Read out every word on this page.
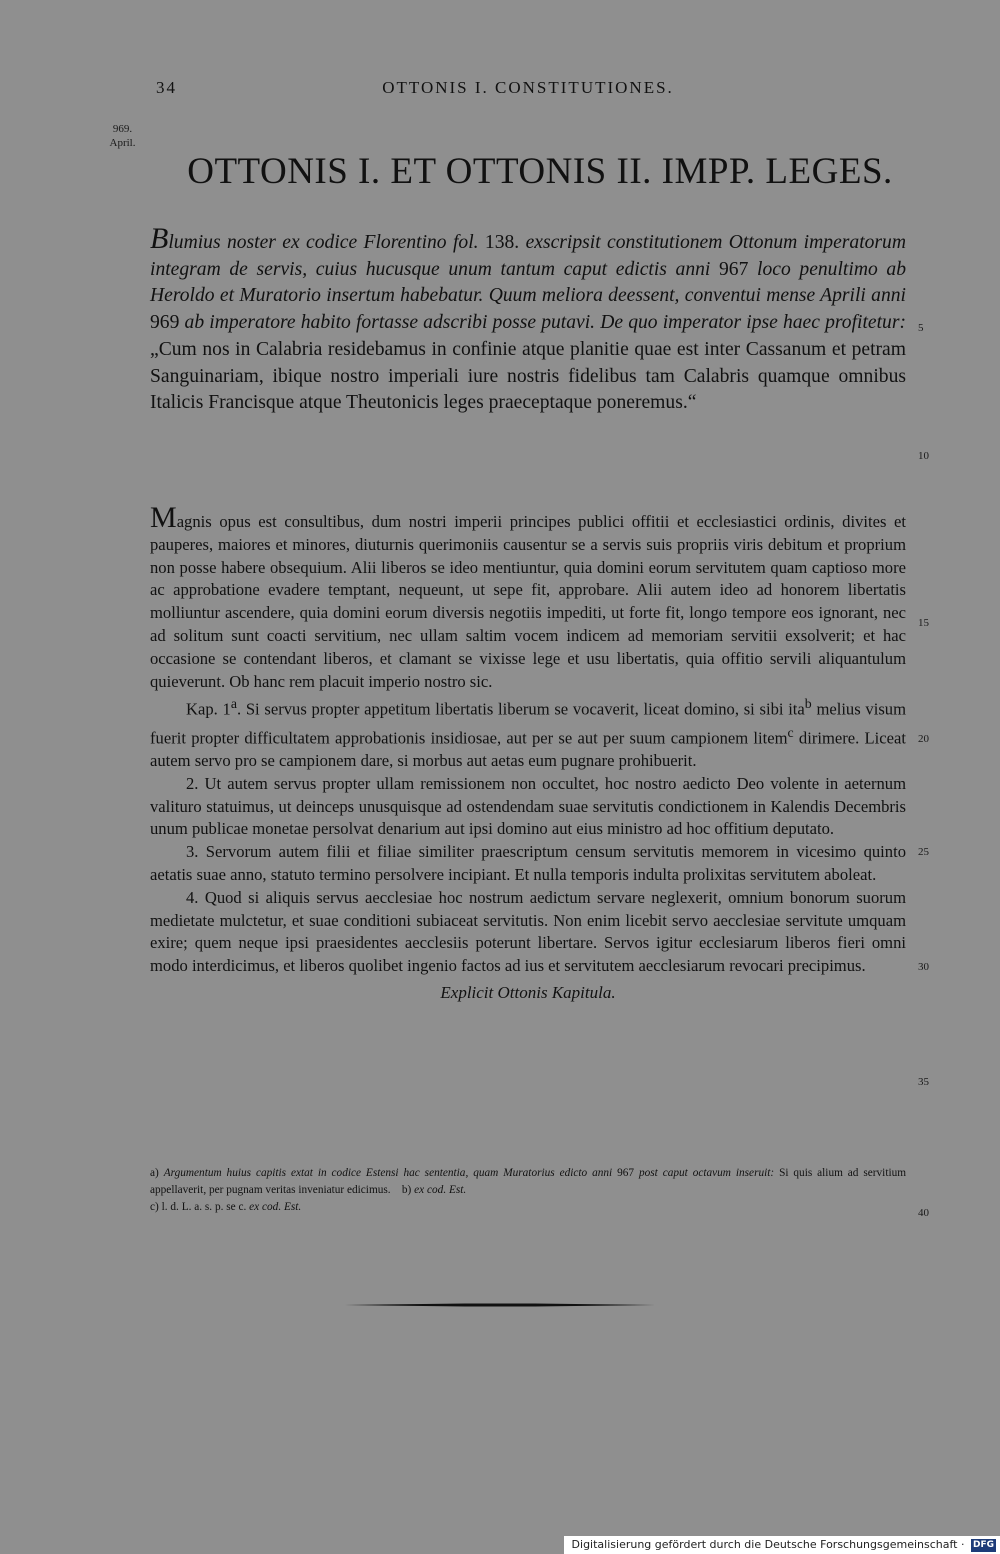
34	OTTONIS I. CONSTITUTIONES.
969.
April.
OTTONIS I. ET OTTONIS II. IMPP. LEGES.
Blumius noster ex codice Florentino fol. 138. exscripsit constitutionem Ottonum imperatorum integram de servis, cuius hucusque unum tantum caput edictis anni 967 loco penultimo ab Heroldo et Muratorio insertum habebatur. Quum meliora deessent, conventui mense Aprili anni 969 ab imperatore habito fortasse adscribi posse putavi. De quo imperator ipse haec profitetur: „Cum nos in Calabria residebamus in confinie atque planitie quae est inter Cassanum et petram Sanguinariam, ibique nostro imperiali iure nostris fidelibus tam Calabris quamque omnibus Italicis Francisque atque Theutonicis leges praeceptaque poneremus.“
5
10
15
20
25
30
35
40

Magnis opus est consultibus, dum nostri imperii principes publici offitii et ecclesiastici ordinis, divites et pauperes, maiores et minores, diuturnis querimoniis causentur se a servis suis propriis viris debitum et proprium non posse habere obsequium. Alii liberos se ideo mentiuntur, quia domini eorum servitutem quam captioso more ac approbatione evadere temptant, nequeunt, ut sepe fit, approbare. Alii autem ideo ad honorem libertatis molliuntur ascendere, quia domini eorum diversis negotiis impediti, ut forte fit, longo tempore eos ignorant, nec ad solitum sunt coacti servitium, nec ullam saltim vocem indicem ad memoriam servitii exsolverit; et hac occasione se contendant liberos, et clamant se vixisse lege et usu libertatis, quia offitio servili aliquantulum quieverunt. Ob hanc rem placuit imperio nostro sic.

Kap. 1$^a$. Si servus propter appetitum libertatis liberum se vocaverit, liceat domino, si sibi ita$^b$ melius visum fuerit propter difficultatem approbationis insidiosae, aut per se aut per suum campionem litem$^c$ dirimere. Liceat autem servo pro se campionem dare, si morbus aut aetas eum pugnare prohibuerit.

2. Ut autem servus propter ullam remissionem non occultet, hoc nostro aedicto Deo volente in aeternum valituro statuimus, ut deinceps unusquisque ad ostendendam suae servitutis condictionem in Kalendis Decembris unum publicae monetae persolvat denarium aut ipsi domino aut eius ministro ad hoc offitium deputato.

3. Servorum autem filii et filiae similiter praescriptum censum servitutis memorem in vicesimo quinto aetatis suae anno, statuto termino persolvere incipiant. Et nulla temporis indulta prolixitas servitutem aboleat.

4. Quod si aliquis servus aecclesiae hoc nostrum aedictum servare neglexerit, omnium bonorum suorum medietate mulctetur, et suae conditioni subiaceat servitutis. Non enim licebit servo aecclesiae servitute umquam exire; quem neque ipsi praesidentes aecclesiis poterunt libertare. Servos igitur ecclesiarum liberos fieri omni modo interdicimus, et liberos quolibet ingenio factos ad ius et servitutem aecclesiarum revocari precipimus.

Explicit Ottonis Kapitula.
a) Argumentum huius capitis extat in codice Estensi hac sententia, quam Muratorius edicto anni 967 post caput octavum inseruit: Si quis alium ad servitium appellaverit, per pugnam veritas inveniatur edicimus. b) ex cod. Est.
c) l. d. L. a. s. p. se c. ex cod. Est.
Digitalisierung gefördert durch die Deutsche Forschungsgemeinschaft · DFG
